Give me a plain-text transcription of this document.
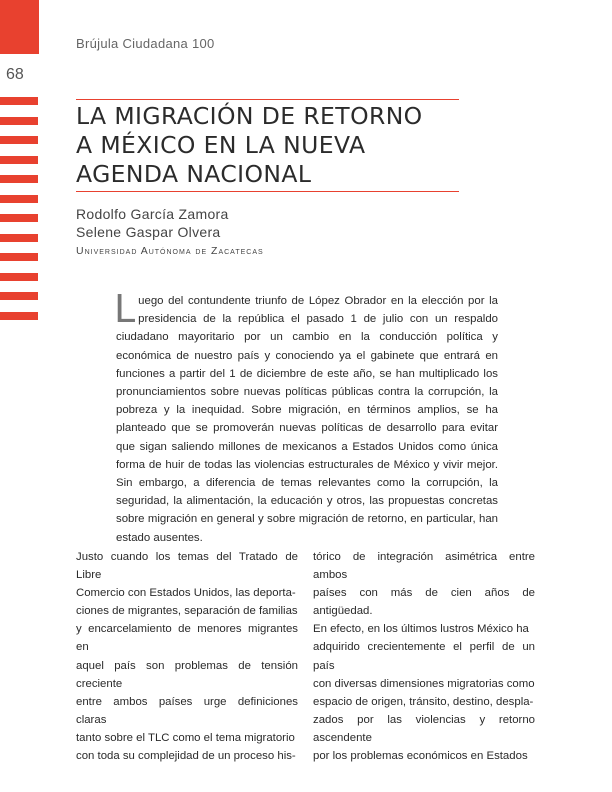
Brújula Ciudadana 100
68
LA MIGRACIÓN DE RETORNO
A MÉXICO EN LA NUEVA
AGENDA NACIONAL
Rodolfo García Zamora
Selene Gaspar Olvera
Universidad Autónoma de Zacatecas
Luego del contundente triunfo de López Obrador en la elección por la presidencia de la república el pasado 1 de julio con un respaldo ciudadano mayoritario por un cambio en la conducción política y económica de nuestro país y conociendo ya el gabinete que entrará en funciones a partir del 1 de diciembre de este año, se han multiplicado los pronunciamientos sobre nuevas políticas públicas contra la corrupción, la pobreza y la inequidad. Sobre migración, en términos amplios, se ha planteado que se promoverán nuevas políticas de desarrollo para evitar que sigan saliendo millones de mexicanos a Estados Unidos como única forma de huir de todas las violencias estructurales de México y vivir mejor. Sin embargo, a diferencia de temas relevantes como la corrupción, la seguridad, la alimentación, la educación y otros, las propuestas concretas sobre migración en general y sobre migración de retorno, en particular, han estado ausentes.
Justo cuando los temas del Tratado de Libre
Comercio con Estados Unidos, las deporta-
ciones de migrantes, separación de familias
y encarcelamiento de menores migrantes en
aquel país son problemas de tensión creciente
entre ambos países urge definiciones claras
tanto sobre el TLC como el tema migratorio
con toda su complejidad de un proceso his-
tórico de integración asimétrica entre ambos
países con más de cien años de antigüedad.
En efecto, en los últimos lustros México ha
adquirido crecientemente el perfil de un país
con diversas dimensiones migratorias como
espacio de origen, tránsito, destino, despla-
zados por las violencias y retorno ascendente
por los problemas económicos en Estados
